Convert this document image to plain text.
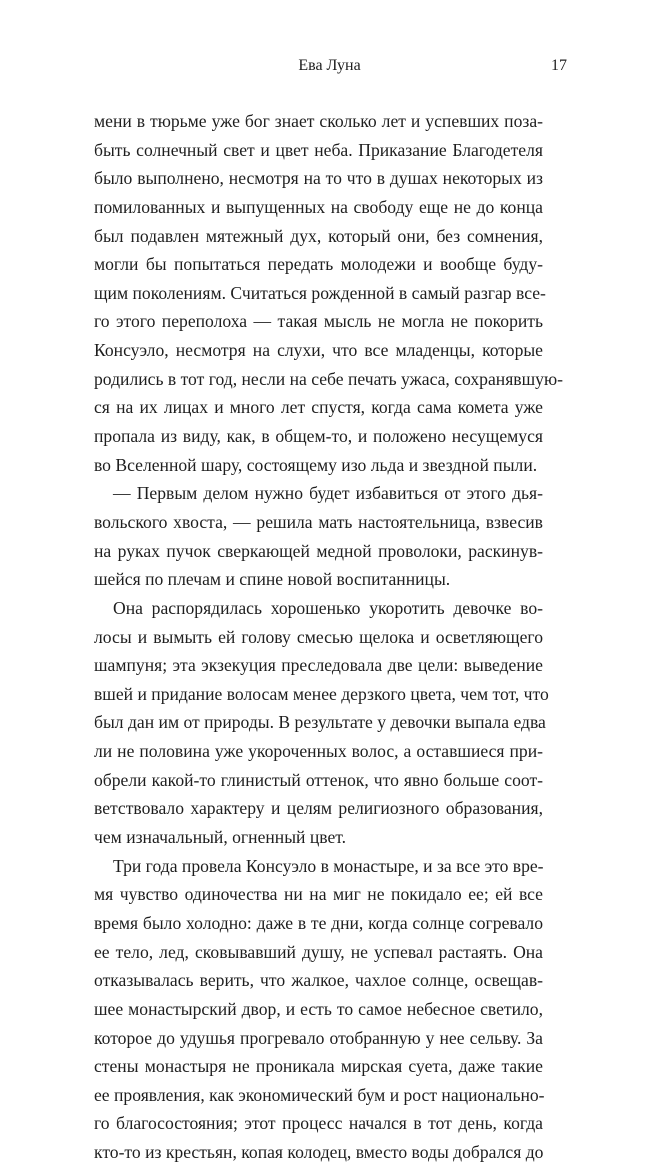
Ева Луна	17
мени в тюрьме уже бог знает сколько лет и успевших поза-
быть солнечный свет и цвет неба. Приказание Благодетеля
было выполнено, несмотря на то что в душах некоторых из
помилованных и выпущенных на свободу еще не до конца
был подавлен мятежный дух, который они, без сомнения,
могли бы попытаться передать молодежи и вообще буду-
щим поколениям. Считаться рожденной в самый разгар все-
го этого переполоха — такая мысль не могла не покорить
Консуэло, несмотря на слухи, что все младенцы, которые
родились в тот год, несли на себе печать ужаса, сохранявшую-
ся на их лицах и много лет спустя, когда сама комета уже
пропала из виду, как, в общем-то, и положено несущемуся
во Вселенной шару, состоящему изо льда и звездной пыли.
— Первым делом нужно будет избавиться от этого дья-
вольского хвоста, — решила мать настоятельница, взвесив
на руках пучок сверкающей медной проволоки, раскинув-
шейся по плечам и спине новой воспитанницы.
Она распорядилась хорошенько укоротить девочке во-
лосы и вымыть ей голову смесью щелока и осветляющего
шампуня; эта экзекуция преследовала две цели: выведение
вшей и придание волосам менее дерзкого цвета, чем тот, что
был дан им от природы. В результате у девочки выпала едва
ли не половина уже укороченных волос, а оставшиеся при-
обрели какой-то глинистый оттенок, что явно больше соот-
ветствовало характеру и целям религиозного образования,
чем изначальный, огненный цвет.
Три года провела Консуэло в монастыре, и за все это вре-
мя чувство одиночества ни на миг не покидало ее; ей все
время было холодно: даже в те дни, когда солнце согревало
ее тело, лед, сковывавший душу, не успевал растаять. Она
отказывалась верить, что жалкое, чахлое солнце, освещав-
шее монастырский двор, и есть то самое небесное светило,
которое до удушья прогревало отобранную у нее сельву. За
стены монастыря не проникала мирская суета, даже такие
ее проявления, как экономический бум и рост национально-
го благосостояния; этот процесс начался в тот день, когда
кто-то из крестьян, копая колодец, вместо воды добрался до
